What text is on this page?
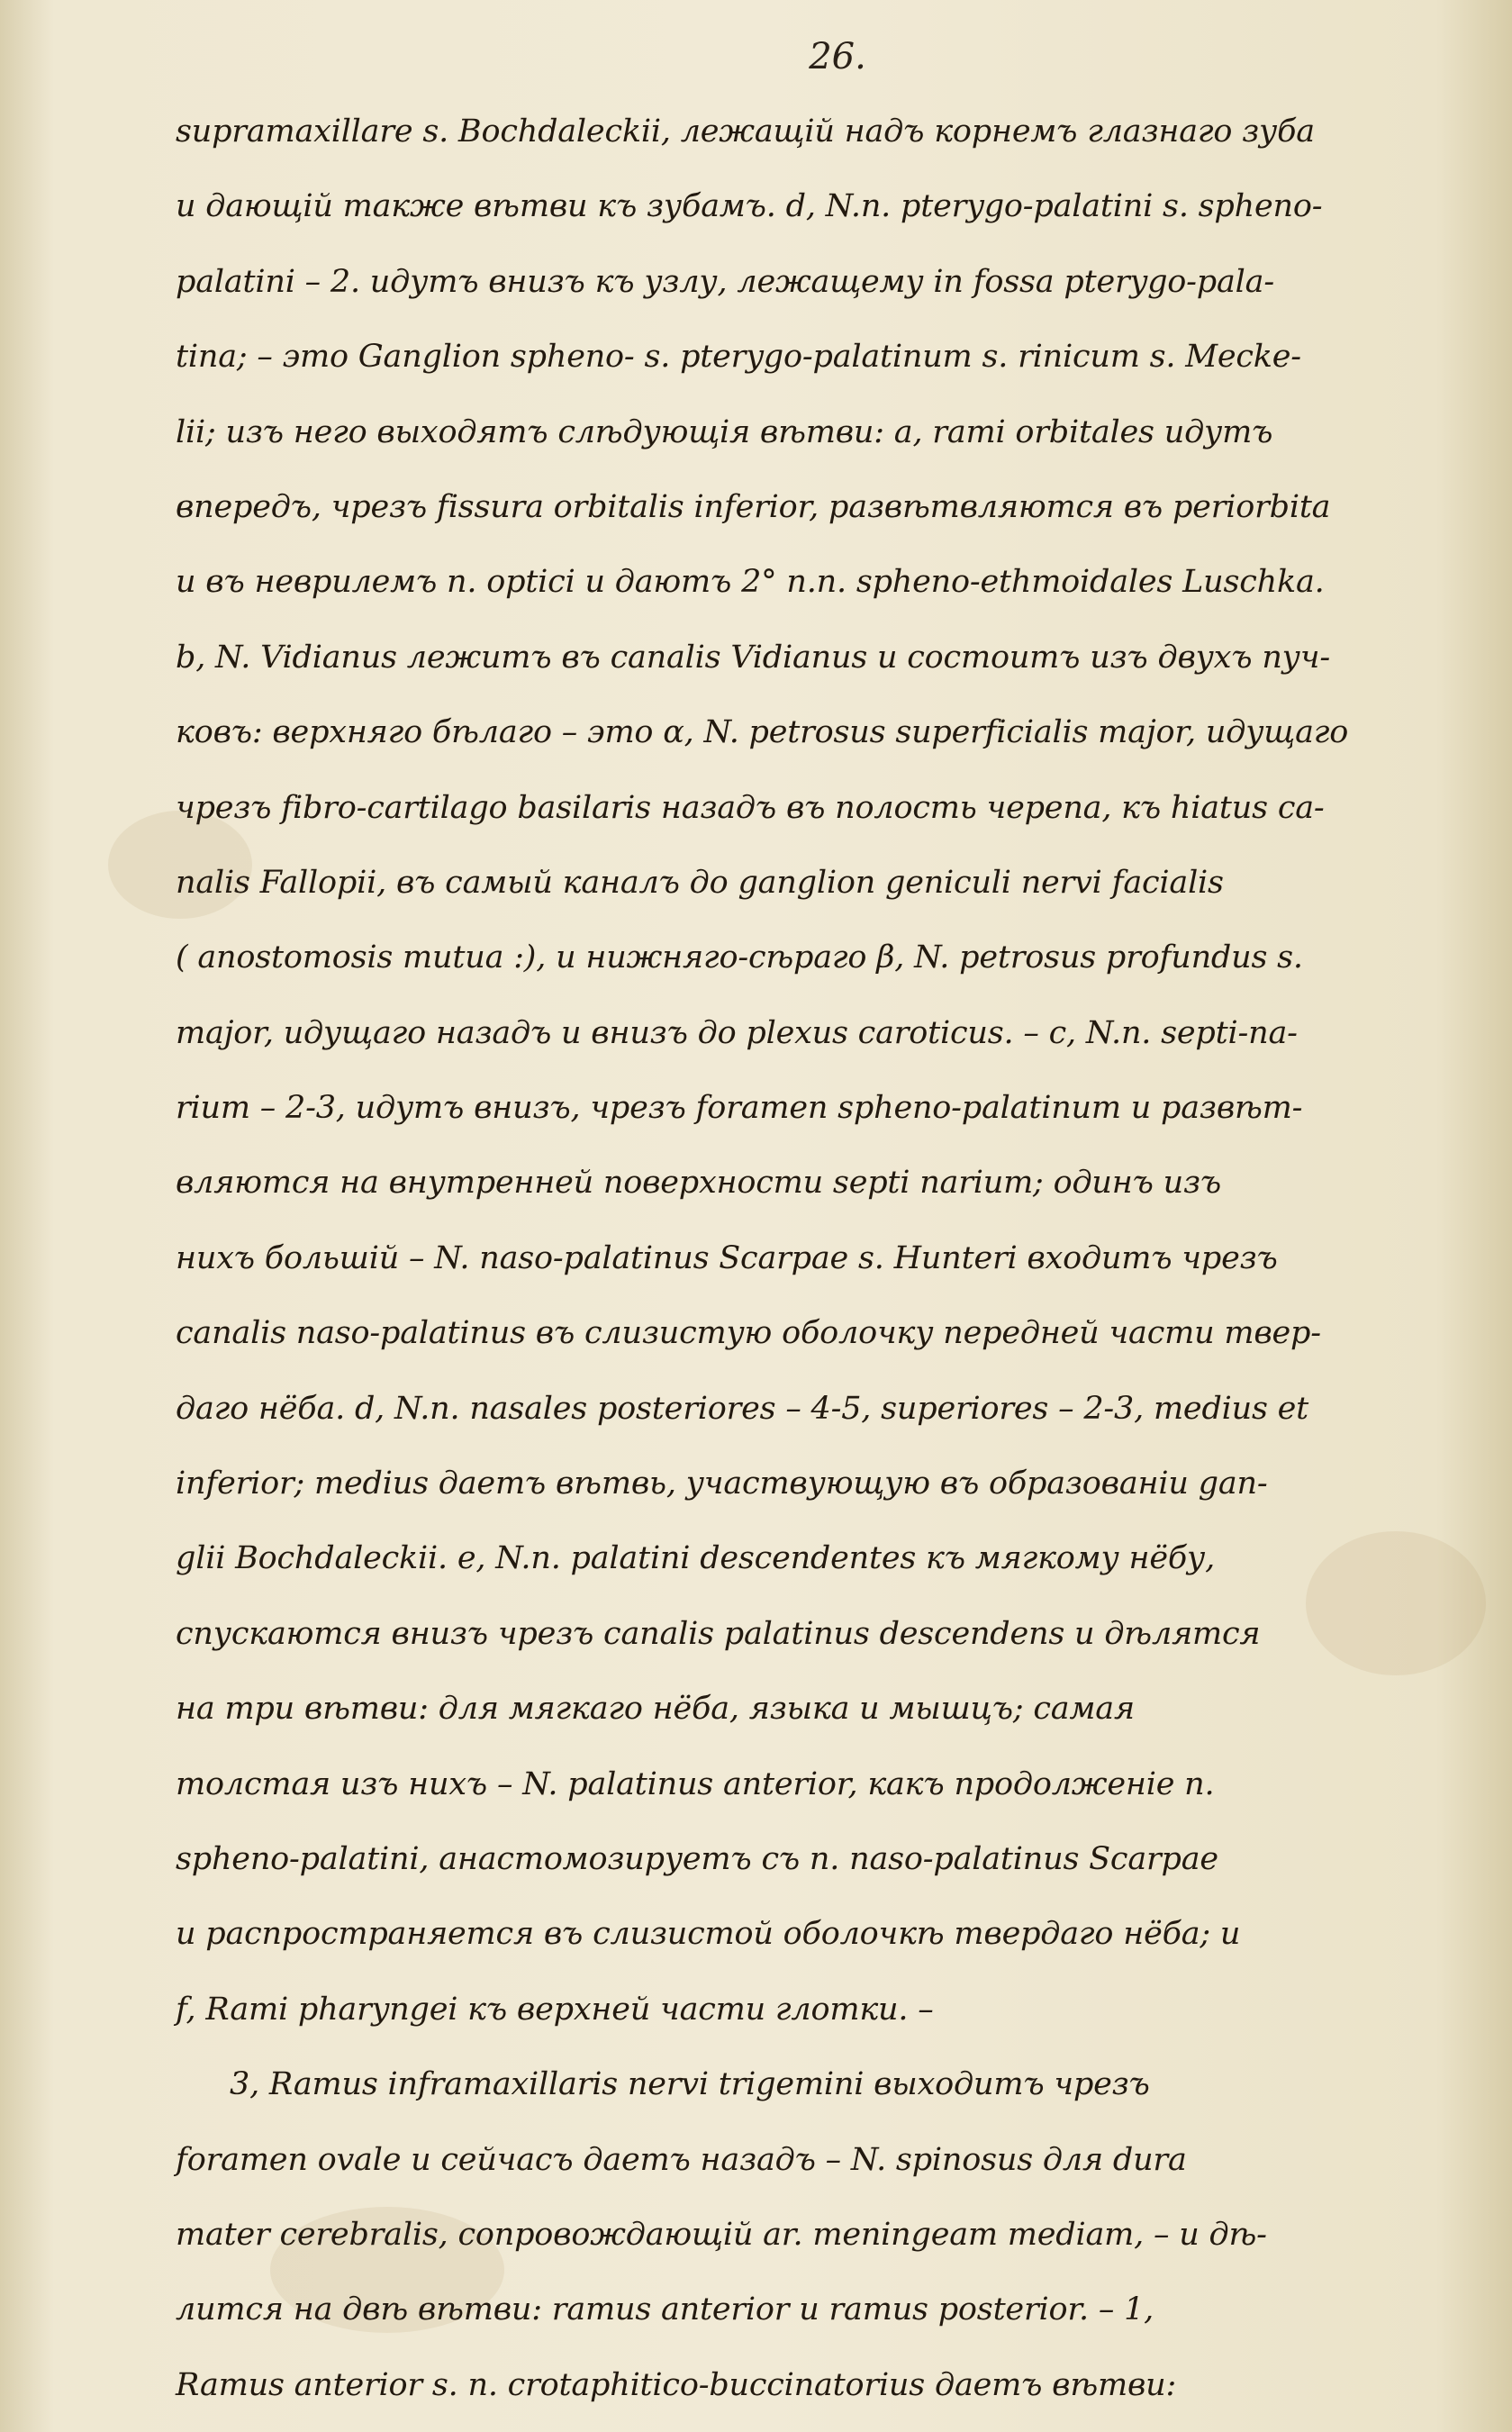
26.
supramaxillare s. Bochdaleckii, лежащій надъ корнемъ глазнаго зуба
и дающій также вѣтви къ зубамъ. d, N.n. pterygo-palatini s. spheno-
palatini – 2. идутъ внизъ къ узлу, лежащему in fossa pterygo-pala-
tina; – это Ganglion spheno- s. pterygo-palatinum s. rinicum s. Meckе-
lii; изъ него выходятъ слѣдующія вѣтви: a, rami orbitales идутъ
впередъ, чрезъ fissura orbitalis inferior, развѣтвляются въ periorbita
и въ неврилемъ n. optici и даютъ 2° n.n. spheno-ethmoidales Luschka.
b, N. Vidianus лежитъ въ canalis Vidianus и состоитъ изъ двухъ пуч-
ковъ: верхняго бѣлаго – это α, N. petrosus superficialis major, идущаго
чрезъ fibro-cartilago basilaris назадъ въ полость черепа, къ hiatus ca-
nalis Fallopii, въ самый каналъ до ganglion geniculi nervi facialis
( anostomosis mutua :), и нижняго-сѣраго β, N. petrosus profundus s.
major, идущаго назадъ и внизъ до plexus caroticus. – c, N.n. septi-na-
rium – 2-3, идутъ внизъ, чрезъ foramen spheno-palatinum и развѣт-
вляются на внутренней поверхности septi narium; одинъ изъ
нихъ большій – N. naso-palatinus Scarpae s. Hunteri входитъ чрезъ
canalis naso-palatinus въ слизистую оболочку передней части твер-
даго нёба. d, N.n. nasales posteriores – 4-5, superiores – 2-3, medius et
inferior; medius даетъ вѣтвь, участвующую въ образованіи gan-
glii Bochdaleckii. e, N.n. palatini descendentes къ мягкому нёбу,
спускаются внизъ чрезъ canalis palatinus descendens и дѣлятся
на три вѣтви: для мягкаго нёба, языка и мышцъ; самая
толстая изъ нихъ – N. palatinus anterior, какъ продолженіе n.
spheno-palatini, анастомозируетъ съ n. naso-palatinus Scarpae
и распространяется въ слизистой оболочкѣ твердаго нёба; и
f, Rami pharyngei къ верхней части глотки. –
3, Ramus inframaxillaris nervi trigemini выходитъ чрезъ
foramen ovale и сейчасъ даетъ назадъ – N. spinosus для dura
mater cerebralis, сопровождающій ar. meningeam mediam, – и дѣ-
лится на двѣ вѣтви: ramus anterior и ramus posterior. – 1,
Ramus anterior s. n. crotaphitico-buccinatorius даетъ вѣтви:
